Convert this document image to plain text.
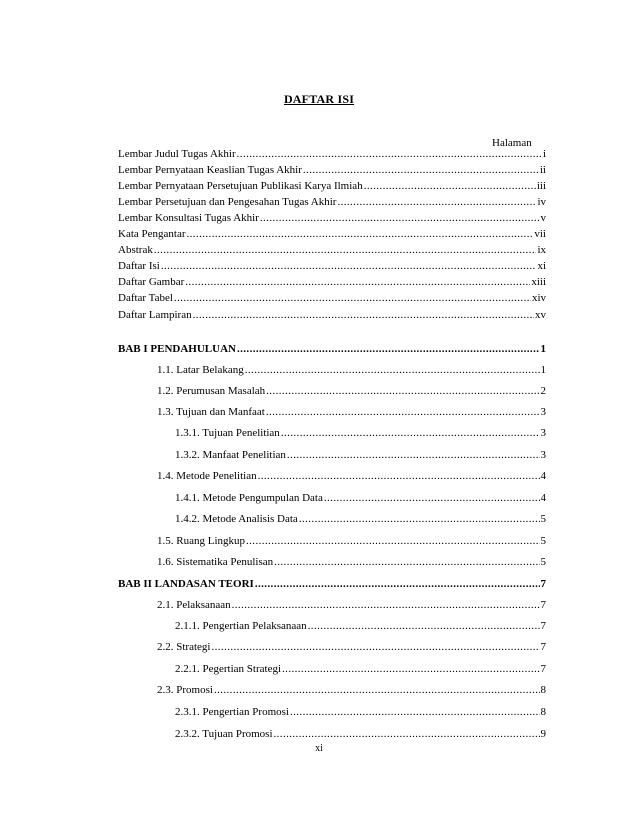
DAFTAR ISI
Halaman
Lembar Judul Tugas Akhir .....	i
Lembar Pernyataan Keaslian Tugas Akhir .....	ii
Lembar Pernyataan Persetujuan Publikasi Karya Ilmiah .....	iii
Lembar Persetujuan dan Pengesahan Tugas Akhir .....	iv
Lembar Konsultasi Tugas Akhir .....	v
Kata Pengantar .....	vii
Abstrak .....	ix
Daftar Isi .....	xi
Daftar Gambar .....	xiii
Daftar Tabel .....	xiv
Daftar Lampiran .....	xv
BAB I PENDAHULUAN .....	1
1.1. Latar Belakang .....	1
1.2. Perumusan Masalah .....	2
1.3. Tujuan dan Manfaat .....	3
1.3.1. Tujuan Penelitian .....	3
1.3.2. Manfaat Penelitian .....	3
1.4. Metode Penelitian .....	4
1.4.1. Metode Pengumpulan Data .....	4
1.4.2. Metode Analisis Data .....	5
1.5. Ruang Lingkup .....	5
1.6. Sistematika Penulisan .....	5
BAB II LANDASAN TEORI .....	7
2.1. Pelaksanaan .....	7
2.1.1. Pengertian Pelaksanaan .....	7
2.2. Strategi .....	7
2.2.1. Pegertian Strategi .....	7
2.3. Promosi .....	8
2.3.1. Pengertian Promosi .....	8
2.3.2. Tujuan Promosi .....	9
xi
